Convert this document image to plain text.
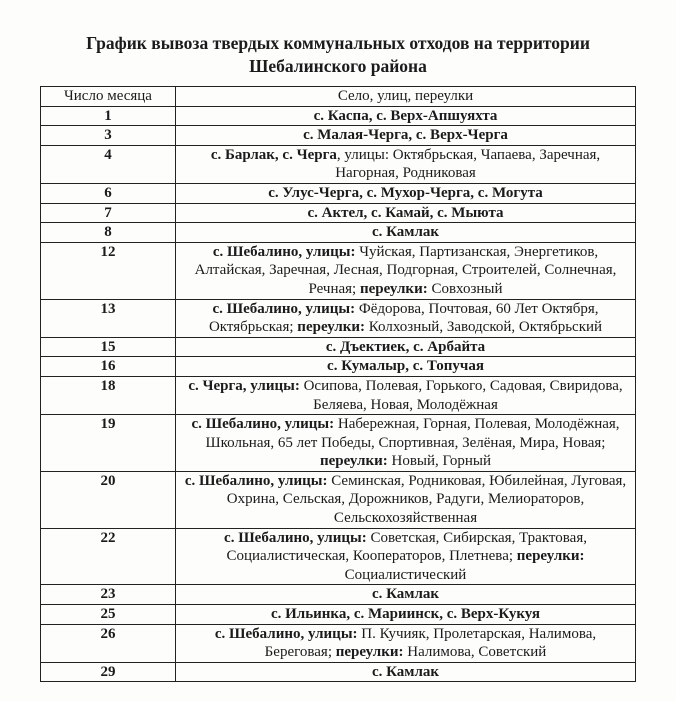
График вывоза твердых коммунальных отходов на территории
Шебалинского района
Число месяца	Село, улиц, переулки
1	с. Каспа, с. Верх-Апшуяхта
3	с. Малая-Черга, с. Верх-Черга
4	с. Барлак, с. Черга, улицы: Октябрьская, Чапаева, Заречная, Нагорная, Родниковая
6	с. Улус-Черга, с. Мухор-Черга, с. Могута
7	с. Актел, с. Камай, с. Мыюта
8	с. Камлак
12	с. Шебалино, улицы: Чуйская, Партизанская, Энергетиков, Алтайская, Заречная, Лесная, Подгорная, Строителей, Солнечная, Речная; переулки: Совхозный
13	с. Шебалино, улицы: Фёдорова, Почтовая, 60 Лет Октября, Октябрьская; переулки: Колхозный, Заводской, Октябрьский
15	с. Дъектиек, с. Арбайта
16	с. Кумалыр, с. Топучая
18	с. Черга, улицы: Осипова, Полевая, Горького, Садовая, Свиридова, Беляева, Новая, Молодёжная
19	с. Шебалино, улицы: Набережная, Горная, Полевая, Молодёжная, Школьная, 65 лет Победы, Спортивная, Зелёная, Мира, Новая; переулки: Новый, Горный
20	с. Шебалино, улицы: Семинская, Родниковая, Юбилейная, Луговая, Охрина, Сельская, Дорожников, Радуги, Мелиораторов, Сельскохозяйственная
22	с. Шебалино, улицы: Советская, Сибирская, Трактовая, Социалистическая, Кооператоров, Плетнева; переулки: Социалистический
23	с. Камлак
25	с. Ильинка, с. Мариинск, с. Верх-Кукуя
26	с. Шебалино, улицы: П. Кучияк, Пролетарская, Налимова, Береговая; переулки: Налимова, Советский
29	с. Камлак
